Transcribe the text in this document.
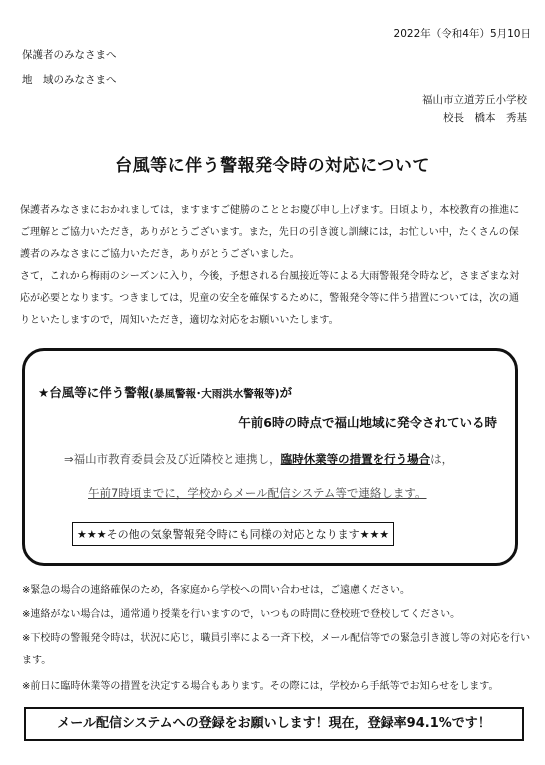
2022年（令和4年）5月10日
保護者のみなさまへ
地　域のみなさまへ
福山市立道芳丘小学校
校長　橋本　秀基
台風等に伴う警報発令時の対応について
保護者みなさまにおかれましては，ますますご健勝のこととお慶び申し上げます。日頃より，本校教育の推進にご理解とご協力いただき，ありがとうございます。また，先日の引き渡し訓練には，お忙しい中，たくさんの保護者のみなさまにご協力いただき，ありがとうございました。
さて，これから梅雨のシーズンに入り，今後，予想される台風接近等による大雨警報発令時など，さまざまな対応が必要となります。つきましては，児童の安全を確保するために，警報発令等に伴う措置については，次の通りといたしますので，周知いただき，適切な対応をお願いいたします。
★台風等に伴う警報(暴風警報･大雨洪水警報等)が
午前6時の時点で福山地域に発令されている時
⇒福山市教育委員会及び近隣校と連携し，臨時休業等の措置を行う場合は，
午前7時頃までに，学校からメール配信システム等で連絡します。
★★★その他の気象警報発令時にも同様の対応となります★★★
※緊急の場合の連絡確保のため，各家庭から学校への問い合わせは，ご遠慮ください。
※連絡がない場合は，通常通り授業を行いますので，いつもの時間に登校班で登校してください。
※下校時の警報発令時は，状況に応じ，職員引率による一斉下校，メール配信等での緊急引き渡し等の対応を行います。
※前日に臨時休業等の措置を決定する場合もあります。その際には，学校から手紙等でお知らせをします。
メール配信システムへの登録をお願いします！現在，登録率94.1%です！
